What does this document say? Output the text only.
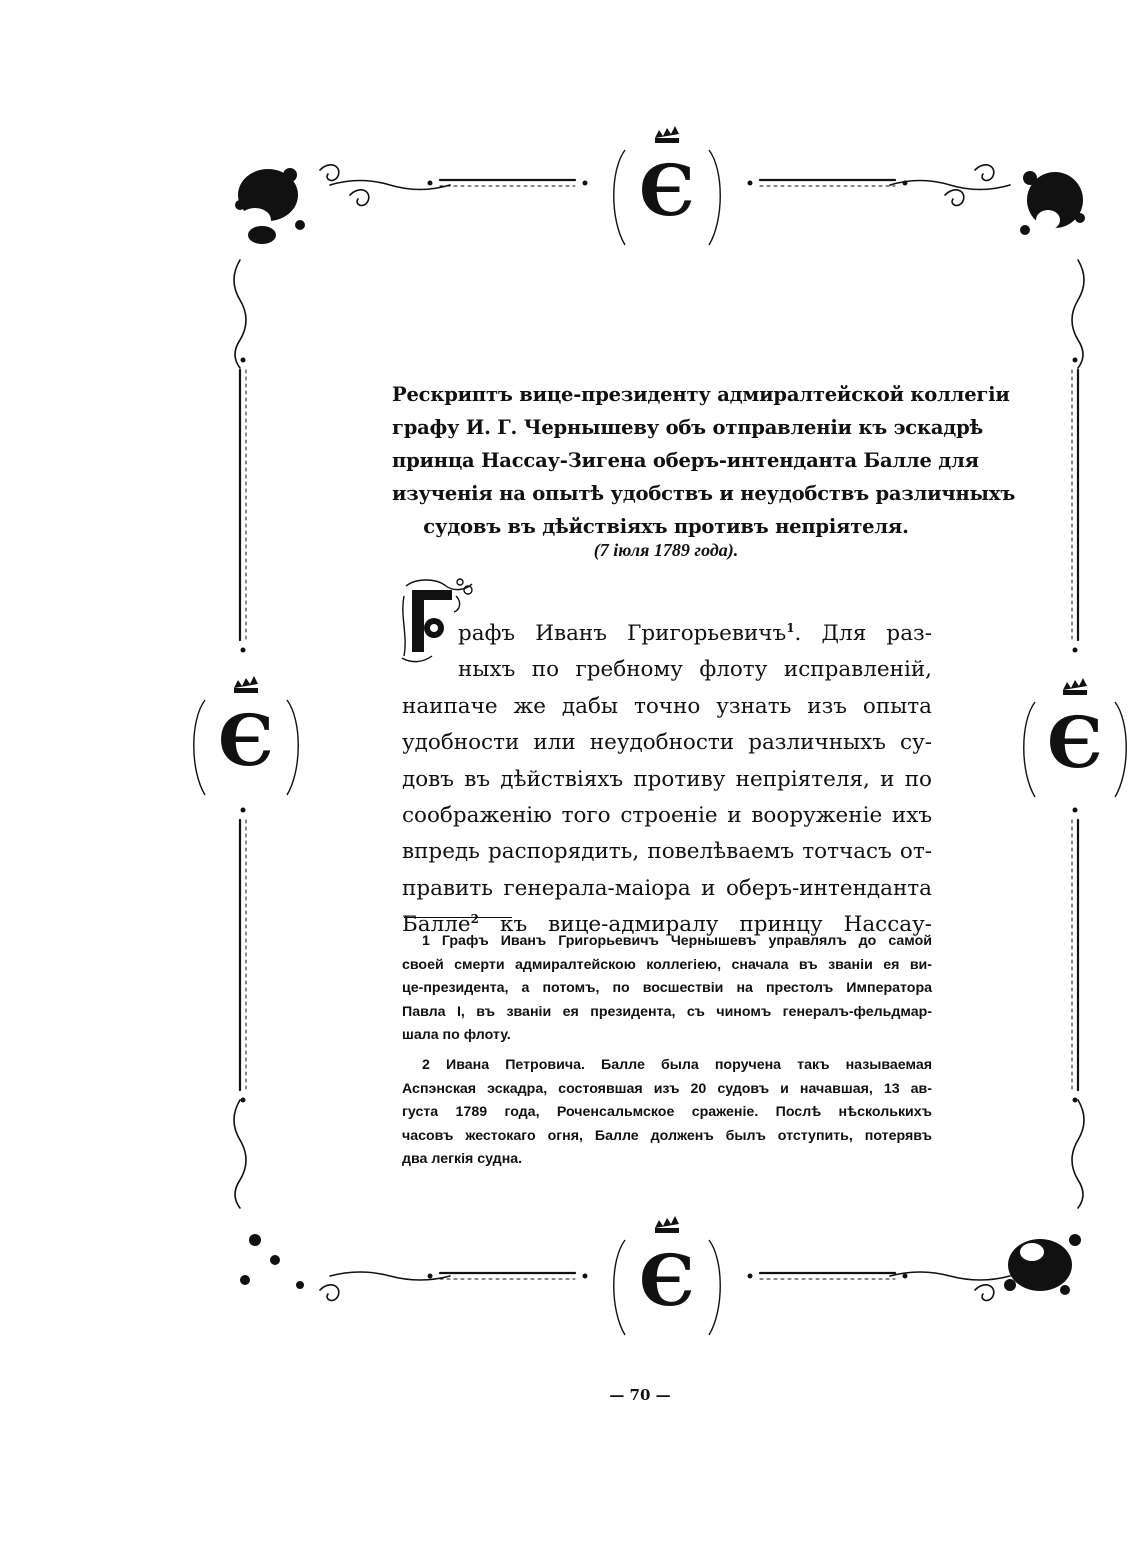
Є
Є
Є	Є
Рескриптъ вице-президенту адмиралтейской коллегіи
графу И. Г. Чернышеву объ отправленіи къ эскадрѣ
принца Нассау-Зигена оберъ-интенданта Балле для
изученія на опытѣ удобствъ и неудобствъ различныхъ
судовъ въ дѣйствіяхъ противъ непріятеля.

(7 іюля 1789 года).

рафъ Иванъ Григорьевичъ$^1$. Для раз-
ныхъ по гребному флоту исправленій,
наипаче же дабы точно узнать изъ опыта
удобности или неудобности различныхъ су-
довъ въ дѣйствіяхъ противу непріятеля, и по
соображенію того строеніе и вооруженіе ихъ
впредь распорядить, повелѣваемъ тотчасъ от-
править генерала-маіора и оберъ-интенданта
Балле$^2$ къ вице-адмиралу принцу Нассау-
1 Графъ Иванъ Григорьевичъ Чернышевъ управлялъ до самой
своей смерти адмиралтейскою коллегіею, сначала въ званіи ея ви-
це-президента, а потомъ, по восшествіи на престолъ Императора
Павла I, въ званіи ея президента, съ чиномъ генералъ-фельдмар-
шала по флоту.
2 Ивана Петровича. Балле была поручена такъ называемая
Аспэнская эскадра, состоявшая изъ 20 судовъ и начавшая, 13 ав-
густа 1789 года, Роченсальмское сраженіе. Послѣ нѣсколькихъ
часовъ жестокаго огня, Балле долженъ былъ отступить, потерявъ
два легкія судна.
— 70 —
